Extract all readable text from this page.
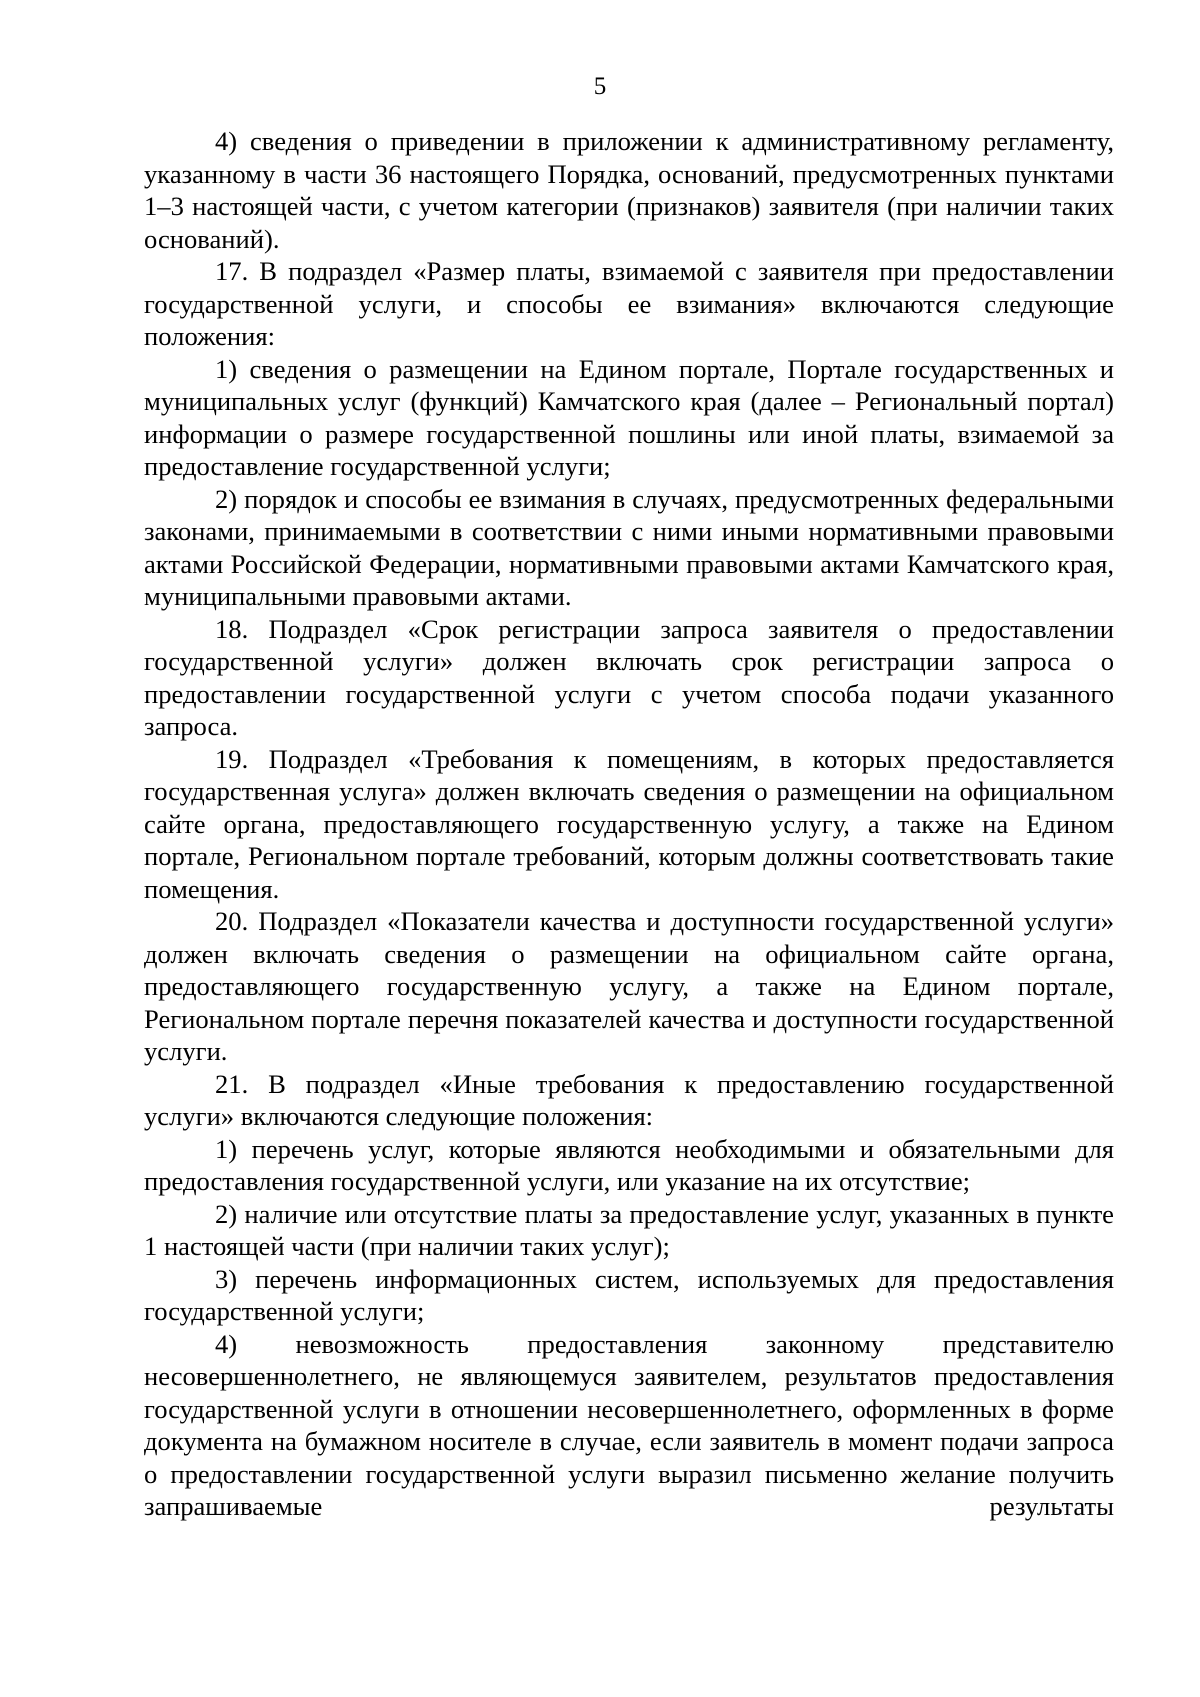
5

4) сведения о приведении в приложении к административному регламенту, указанному в части 36 настоящего Порядка, оснований, предусмотренных пунктами 1–3 настоящей части, с учетом категории (признаков) заявителя (при наличии таких оснований).

17. В подраздел «Размер платы, взимаемой с заявителя при предоставлении государственной услуги, и способы ее взимания» включаются следующие положения:

1) сведения о размещении на Едином портале, Портале государственных и муниципальных услуг (функций) Камчатского края (далее – Региональный портал) информации о размере государственной пошлины или иной платы, взимаемой за предоставление государственной услуги;

2) порядок и способы ее взимания в случаях, предусмотренных федеральными законами, принимаемыми в соответствии с ними иными нормативными правовыми актами Российской Федерации, нормативными правовыми актами Камчатского края, муниципальными правовыми актами.

18. Подраздел «Срок регистрации запроса заявителя о предоставлении государственной услуги» должен включать срок регистрации запроса о предоставлении государственной услуги с учетом способа подачи указанного запроса.

19. Подраздел «Требования к помещениям, в которых предоставляется государственная услуга» должен включать сведения о размещении на официальном сайте органа, предоставляющего государственную услугу, а также на Едином портале, Региональном портале требований, которым должны соответствовать такие помещения.

20. Подраздел «Показатели качества и доступности государственной услуги» должен включать сведения о размещении на официальном сайте органа, предоставляющего государственную услугу, а также на Едином портале, Региональном портале перечня показателей качества и доступности государственной услуги.

21. В подраздел «Иные требования к предоставлению государственной услуги» включаются следующие положения:

1) перечень услуг, которые являются необходимыми и обязательными для предоставления государственной услуги, или указание на их отсутствие;

2) наличие или отсутствие платы за предоставление услуг, указанных в пункте 1 настоящей части (при наличии таких услуг);

3) перечень информационных систем, используемых для предоставления государственной услуги;

4) невозможность предоставления законному представителю несовершеннолетнего, не являющемуся заявителем, результатов предоставления государственной услуги в отношении несовершеннолетнего, оформленных в форме документа на бумажном носителе в случае, если заявитель в момент подачи запроса о предоставлении государственной услуги выразил письменно желание получить запрашиваемые результаты
